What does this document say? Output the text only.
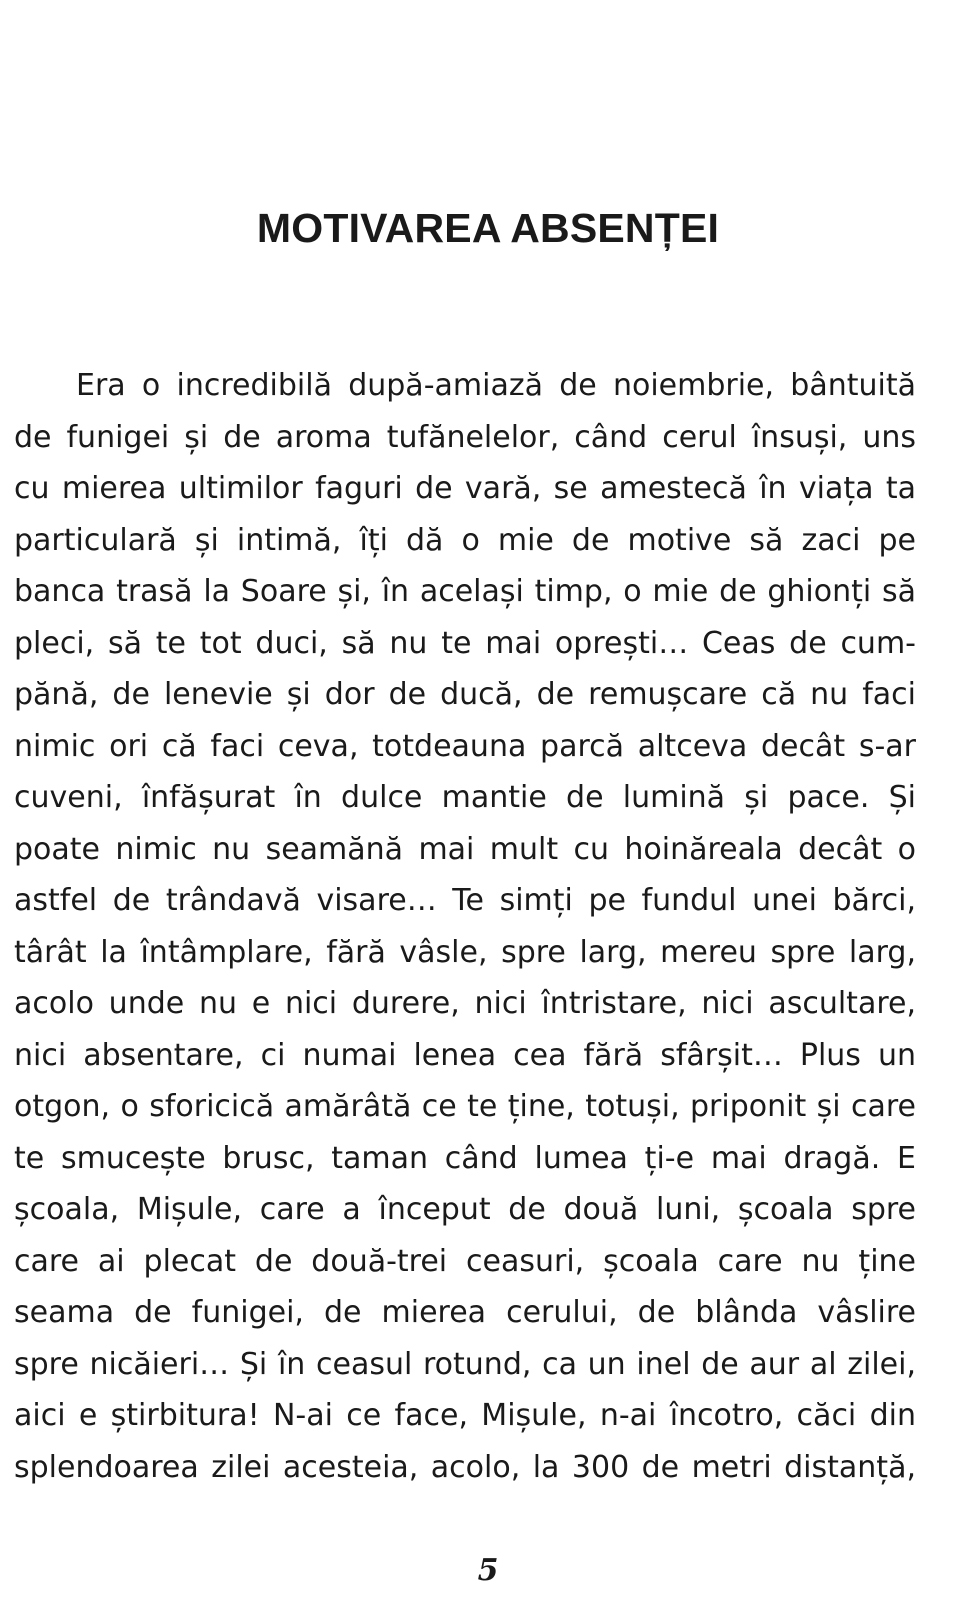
MOTIVAREA ABSENȚEI
Era o incredibilă după-amiază de noiembrie, bântuită
de funigei și de aroma tufănelelor, când cerul însuși, uns
cu mierea ultimilor faguri de vară, se amestecă în viața ta
particulară și intimă, îți dă o mie de motive să zaci pe
banca trasă la Soare și, în același timp, o mie de ghionți să
pleci, să te tot duci, să nu te mai oprești… Ceas de cum-
pănă, de lenevie și dor de ducă, de remușcare că nu faci
nimic ori că faci ceva, totdeauna parcă altceva decât s-ar
cuveni, înfășurat în dulce mantie de lumină și pace. Și
poate nimic nu seamănă mai mult cu hoinăreala decât o
astfel de trândavă visare… Te simți pe fundul unei bărci,
târât la întâmplare, fără vâsle, spre larg, mereu spre larg,
acolo unde nu e nici durere, nici întristare, nici ascultare,
nici absentare, ci numai lenea cea fără sfârșit… Plus un
otgon, o sforicică amărâtă ce te ține, totuși, priponit și care
te smucește brusc, taman când lumea ți-e mai dragă. E
școala, Mișule, care a început de două luni, școala spre
care ai plecat de două-trei ceasuri, școala care nu ține
seama de funigei, de mierea cerului, de blânda vâslire
spre nicăieri… Și în ceasul rotund, ca un inel de aur al zilei,
aici e știrbitura! N-ai ce face, Mișule, n-ai încotro, căci din
splendoarea zilei acesteia, acolo, la 300 de metri distanță,
5
